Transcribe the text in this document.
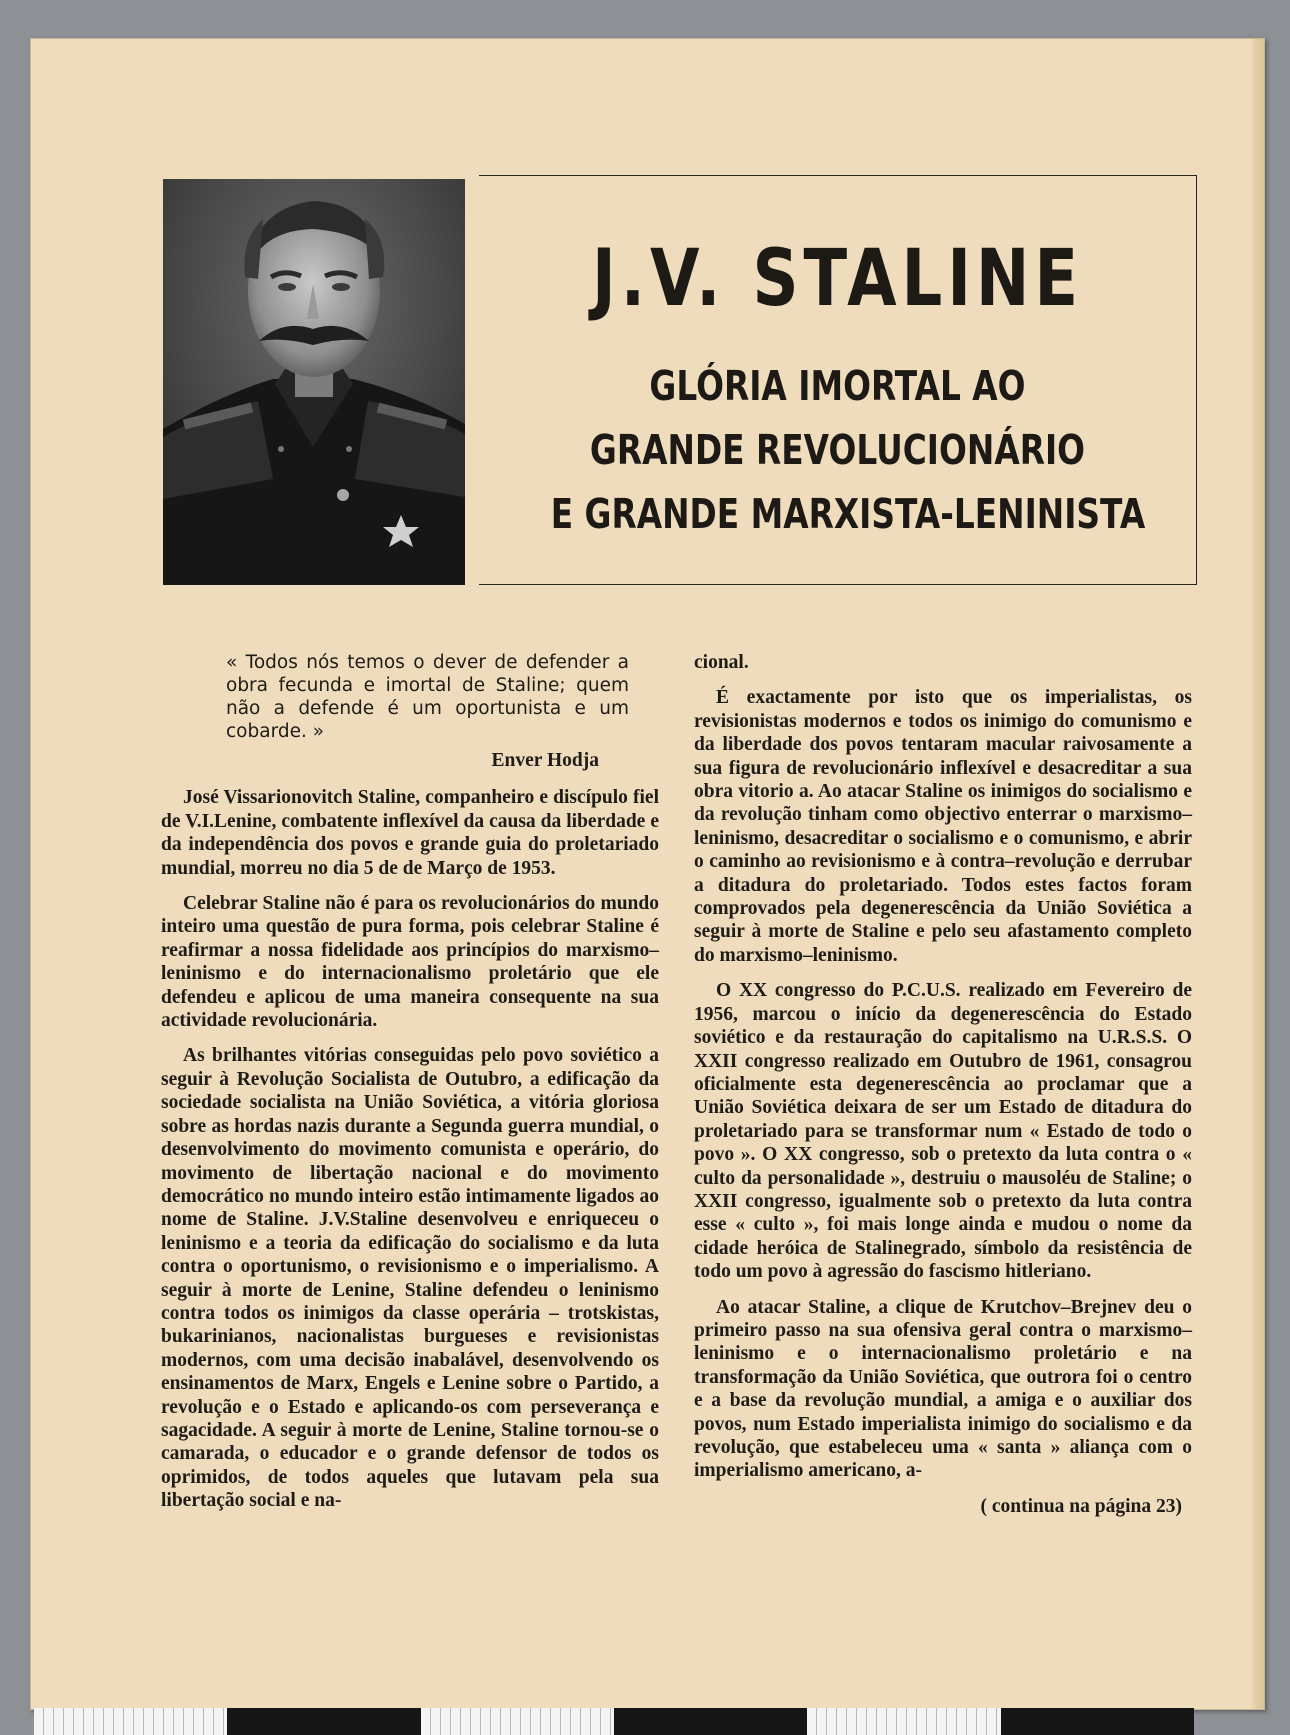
J.V. STALINE
GLÓRIA IMORTAL AO
GRANDE REVOLUCIONÁRIO
E GRANDE MARXISTA-LENINISTA
« Todos nós temos o dever de defender a obra fecunda e imortal de Staline; quem não a defende é um oportunista e um cobarde. »
Enver Hodja

José Vissarionovitch Staline, companheiro e discípulo fiel de V.I.Lenine, combatente inflexível da causa da liberdade e da independência dos povos e grande guia do proletariado mundial, morreu no dia 5 de de Março de 1953.

Celebrar Staline não é para os revolucionários do mundo inteiro uma questão de pura forma, pois celebrar Staline é reafirmar a nossa fidelidade aos princípios do marxismo–leninismo e do internacionalismo proletário que ele defendeu e aplicou de uma maneira consequente na sua actividade revolucionária.

As brilhantes vitórias conseguidas pelo povo soviético a seguir à Revolução Socialista de Outubro, a edificação da sociedade socialista na União Soviética, a vitória gloriosa sobre as hordas nazis durante a Segunda guerra mundial, o desenvolvimento do movimento comunista e operário, do movimento de libertação nacional e do movimento democrático no mundo inteiro estão intimamente ligados ao nome de Staline. J.V.Staline desenvolveu e enriqueceu o leninismo e a teoria da edificação do socialismo e da luta contra o oportunismo, o revisionismo e o imperialismo. A seguir à morte de Lenine, Staline defendeu o leninismo contra todos os inimigos da classe operária – trotskistas, bukarinianos, nacionalistas burgueses e revisionistas modernos, com uma decisão inabalável, desenvolvendo os ensinamentos de Marx, Engels e Lenine sobre o Partido, a revolução e o Estado e aplicando-os com perseverança e sagacidade. A seguir à morte de Lenine, Staline tornou-se o camarada, o educador e o grande defensor de todos os oprimidos, de todos aqueles que lutavam pela sua libertação social e na-

cional.

É exactamente por isto que os imperialistas, os revisionistas modernos e todos os inimigo do comunismo e da liberdade dos povos tentaram macular raivosamente a sua figura de revolucionário inflexível e desacreditar a sua obra vitorio a. Ao atacar Staline os inimigos do socialismo e da revolução tinham como objectivo enterrar o marxismo–leninismo, desacreditar o socialismo e o comunismo, e abrir o caminho ao revisionismo e à contra–revolução e derrubar a ditadura do proletariado. Todos estes factos foram comprovados pela degenerescência da União Soviética a seguir à morte de Staline e pelo seu afastamento completo do marxismo–leninismo.

O XX congresso do P.C.U.S. realizado em Fevereiro de 1956, marcou o início da degenerescência do Estado soviético e da restauração do capitalismo na U.R.S.S. O XXII congresso realizado em Outubro de 1961, consagrou oficialmente esta degenerescência ao proclamar que a União Soviética deixara de ser um Estado de ditadura do proletariado para se transformar num « Estado de todo o povo ». O XX congresso, sob o pretexto da luta contra o « culto da personalidade », destruiu o mausoléu de Staline; o XXII congresso, igualmente sob o pretexto da luta contra esse « culto », foi mais longe ainda e mudou o nome da cidade heróica de Stalinegrado, símbolo da resistência de todo um povo à agressão do fascismo hitleriano.

Ao atacar Staline, a clique de Krutchov–Brejnev deu o primeiro passo na sua ofensiva geral contra o marxismo–leninismo e o internacionalismo proletário e na transformação da União Soviética, que outrora foi o centro e a base da revolução mundial, a amiga e o auxiliar dos povos, num Estado imperialista inimigo do socialismo e da revolução, que estabeleceu uma « santa » aliança com o imperialismo americano, a-

( continua na página 23)
